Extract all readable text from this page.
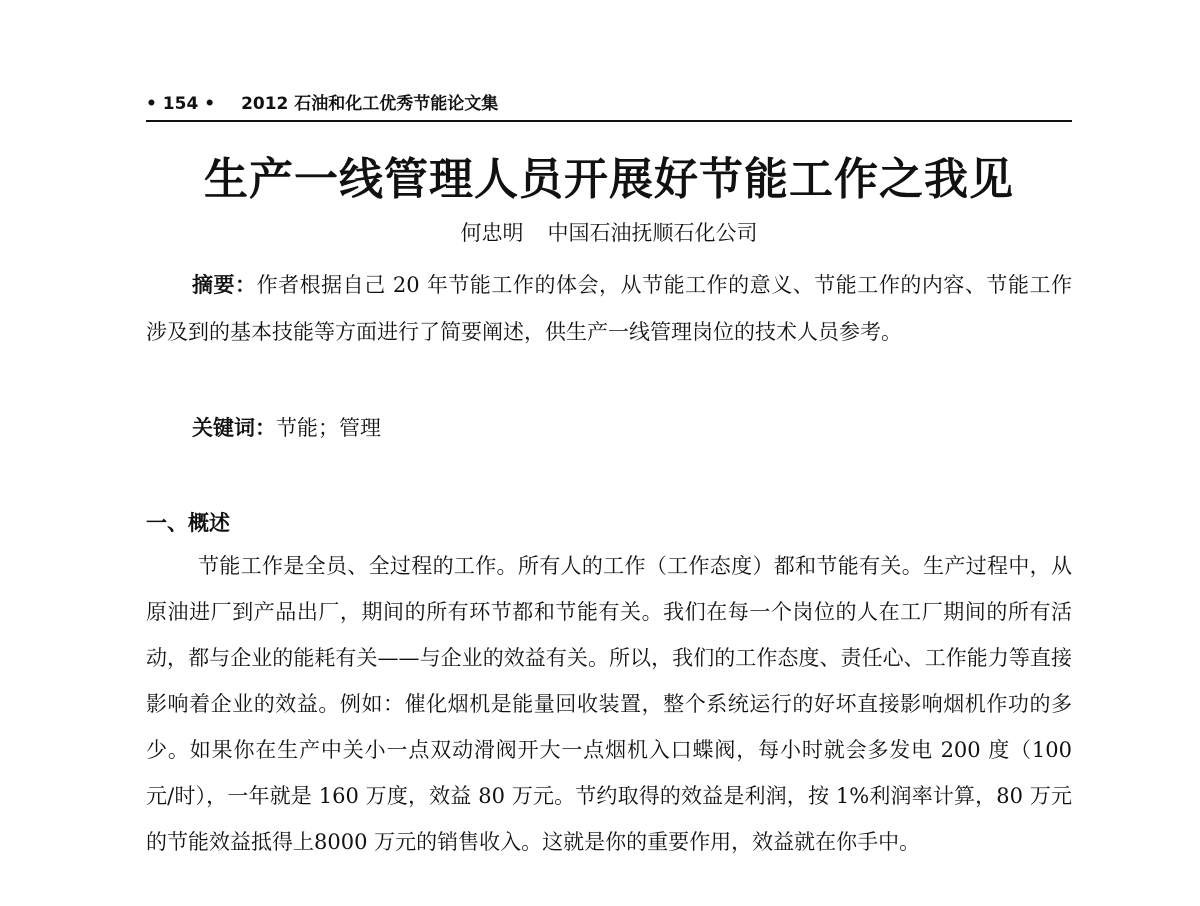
• 154 • 2012 石油和化工优秀节能论文集
生产一线管理人员开展好节能工作之我见
何忠明 中国石油抚顺石化公司

摘要：作者根据自己 20 年节能工作的体会，从节能工作的意义、节能工作的内容、节能工作涉及到的基本技能等方面进行了简要阐述，供生产一线管理岗位的技术人员参考。

关键词：节能；管理

一、概述

节能工作是全员、全过程的工作。所有人的工作（工作态度）都和节能有关。生产过程中，从原油进厂到产品出厂，期间的所有环节都和节能有关。我们在每一个岗位的人在工厂期间的所有活动，都与企业的能耗有关——与企业的效益有关。所以，我们的工作态度、责任心、工作能力等直接影响着企业的效益。例如：催化烟机是能量回收装置，整个系统运行的好坏直接影响烟机作功的多少。如果你在生产中关小一点双动滑阀开大一点烟机入口蝶阀，每小时就会多发电 200 度（100 元/时），一年就是 160 万度，效益 80 万元。节约取得的效益是利润，按 1%利润率计算，80 万元的节能效益抵得上8000 万元的销售收入。这就是你的重要作用，效益就在你手中。
